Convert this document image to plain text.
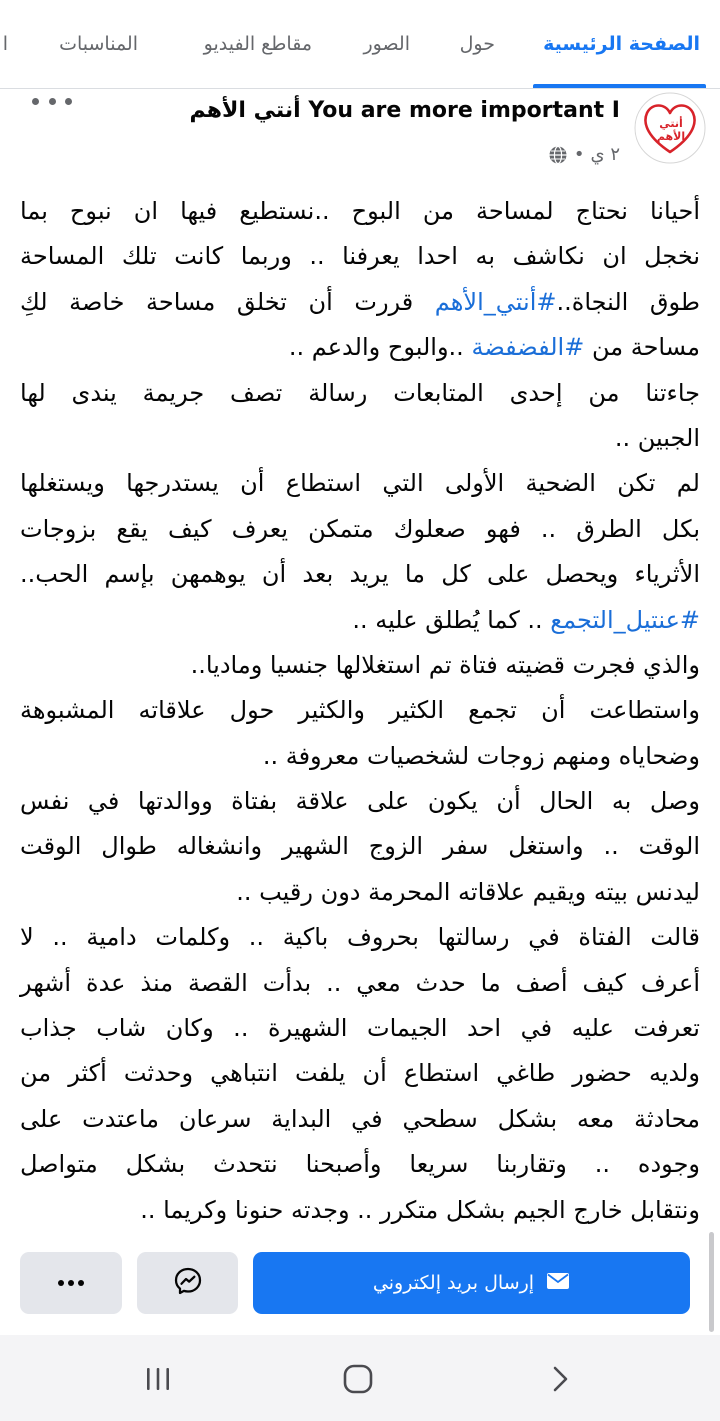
الصفحة الرئيسية
حول
الصور
مقاطع الفيديو
المناسبات
ا
أنتي
الأهم
You are more important I أنتي الأهم
٢ ي
•
أحيانا نحتاج لمساحة من البوح ..نستطيع فيها ان نبوح بما
نخجل ان نكاشف به احدا يعرفنا .. وربما كانت تلك المساحة
طوق النجاة..#أنتي_الأهم قررت أن تخلق مساحة خاصة لكِ
مساحة من #الفضفضة ..والبوح والدعم ..
جاءتنا من إحدى المتابعات رسالة تصف جريمة يندى لها
الجبين ..
لم تكن الضحية الأولى التي استطاع أن يستدرجها ويستغلها
بكل الطرق .. فهو صعلوك متمكن يعرف كيف يقع بزوجات
الأثرياء ويحصل على كل ما يريد بعد أن يوهمهن بإسم الحب..
#عنتيل_التجمع .. كما يُطلق عليه ..
والذي فجرت قضيته فتاة تم استغلالها جنسيا وماديا..
واستطاعت أن تجمع الكثير والكثير حول علاقاته المشبوهة
وضحاياه ومنهم زوجات لشخصيات معروفة ..
وصل به الحال أن يكون على علاقة بفتاة ووالدتها في نفس
الوقت .. واستغل سفر الزوج الشهير وانشغاله طوال الوقت
ليدنس بيته ويقيم علاقاته المحرمة دون رقيب ..
قالت الفتاة في رسالتها بحروف باكية .. وكلمات دامية .. لا
أعرف كيف أصف ما حدث معي .. بدأت القصة منذ عدة أشهر
تعرفت عليه في احد الجيمات الشهيرة .. وكان شاب جذاب
ولديه حضور طاغي استطاع أن يلفت انتباهي وحدثت أكثر من
محادثة معه بشكل سطحي في البداية سرعان ماعتدت على
وجوده .. وتقاربنا سريعا وأصبحنا نتحدث بشكل متواصل
ونتقابل خارج الجيم بشكل متكرر .. وجدته حنونا وكريما ..
إرسال بريد إلكتروني
